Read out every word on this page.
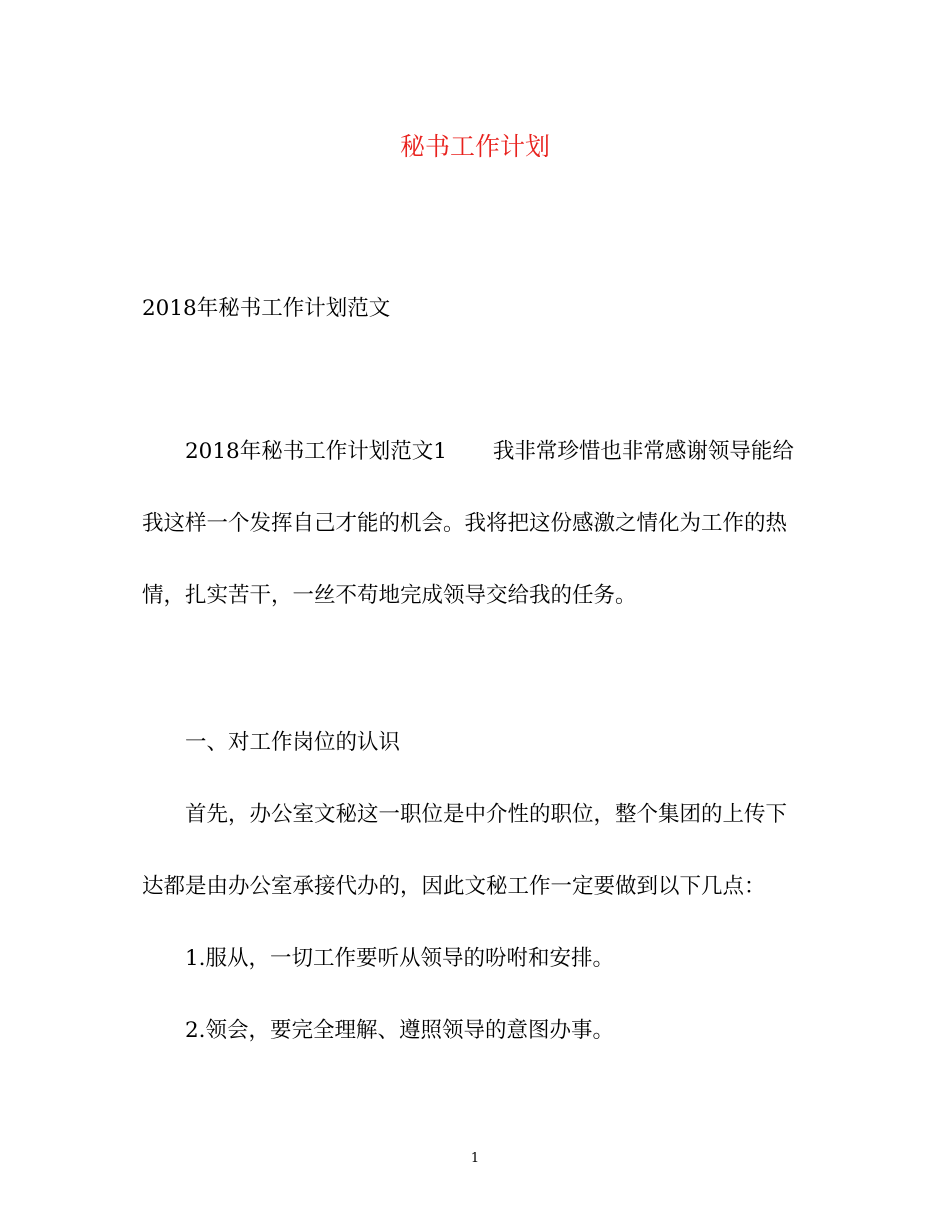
秘书工作计划
2018年秘书工作计划范文
2018年秘书工作计划范文1 我非常珍惜也非常感谢领导能给
我这样一个发挥自己才能的机会。我将把这份感激之情化为工作的热
情，扎实苦干，一丝不苟地完成领导交给我的任务。
一、对工作岗位的认识
首先，办公室文秘这一职位是中介性的职位，整个集团的上传下
达都是由办公室承接代办的，因此文秘工作一定要做到以下几点：
1.服从，一切工作要听从领导的吩咐和安排。
2.领会，要完全理解、遵照领导的意图办事。
1
